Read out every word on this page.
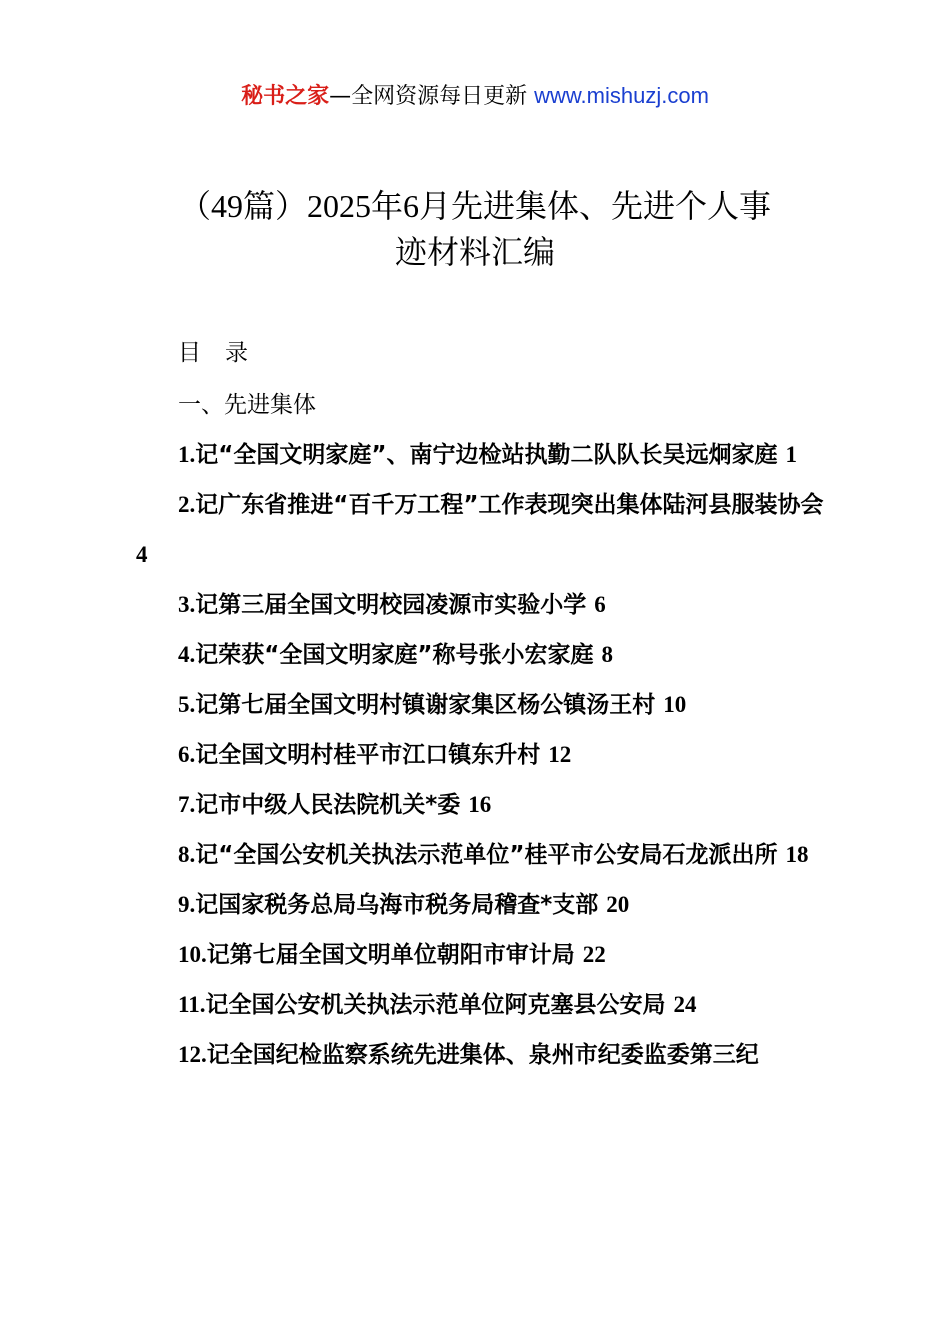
秘书之家—全网资源每日更新 www.mishuzj.com
（49篇）2025年6月先进集体、先进个人事
迹材料汇编
目 录
一、先进集体
1.记“全国文明家庭”、南宁边检站执勤二队队长吴远炯家庭 1
2.记广东省推进“百千万工程”工作表现突出集体陆河县服装协会4
3.记第三届全国文明校园凌源市实验小学 6
4.记荣获“全国文明家庭”称号张小宏家庭 8
5.记第七届全国文明村镇谢家集区杨公镇汤王村 10
6.记全国文明村桂平市江口镇东升村 12
7.记市中级人民法院机关*委 16
8.记“全国公安机关执法示范单位”桂平市公安局石龙派出所 18
9.记国家税务总局乌海市税务局稽查*支部 20
10.记第七届全国文明单位朝阳市审计局 22
11.记全国公安机关执法示范单位阿克塞县公安局 24
12.记全国纪检监察系统先进集体、泉州市纪委监委第三纪
